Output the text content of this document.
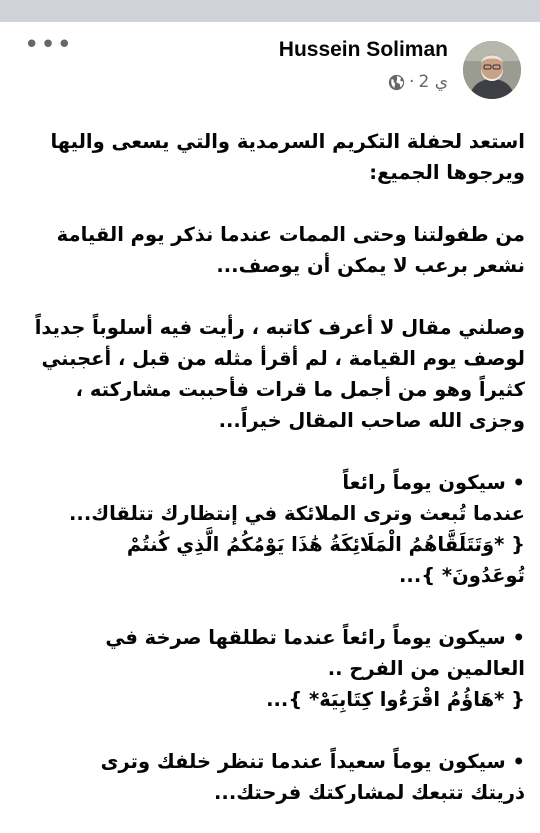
•••	Hussein Soliman
· 2 ي

استعد لحفلة التكريم السرمدية والتي يسعى واليها
ويرجوها الجميع:

من طفولتنا وحتى الممات عندما نذكر يوم القيامة
نشعر برعب لا يمكن أن يوصف...

وصلني مقال لا أعرف كاتبه ، رأيت فيه أسلوباً جديداً
لوصف يوم القيامة ، لم أقرأ مثله من قبل ، أعجبني
كثيراً وهو من أجمل ما قرات فأحببت مشاركته ،
وجزى الله صاحب المقال خيراً...

• سيكون يوماً رائعاً
عندما تُبعث وترى الملائكة في إنتظارك تتلقاك...
{ *وَتَتَلَقَّاهُمُ الْمَلَائِكَةُ هَٰذَا يَوْمُكُمُ الَّذِي كُنتُمْ
تُوعَدُونَ* }...

• سيكون يوماً رائعاً عندما تطلقها صرخة في
العالمين من الفرح ..
{ *هَاؤُمُ اقْرَءُوا كِتَابِيَهْ* }...

• سيكون يوماً سعيداً عندما تنظر خلفك وترى
ذريتك تتبعك لمشاركتك فرحتك...
